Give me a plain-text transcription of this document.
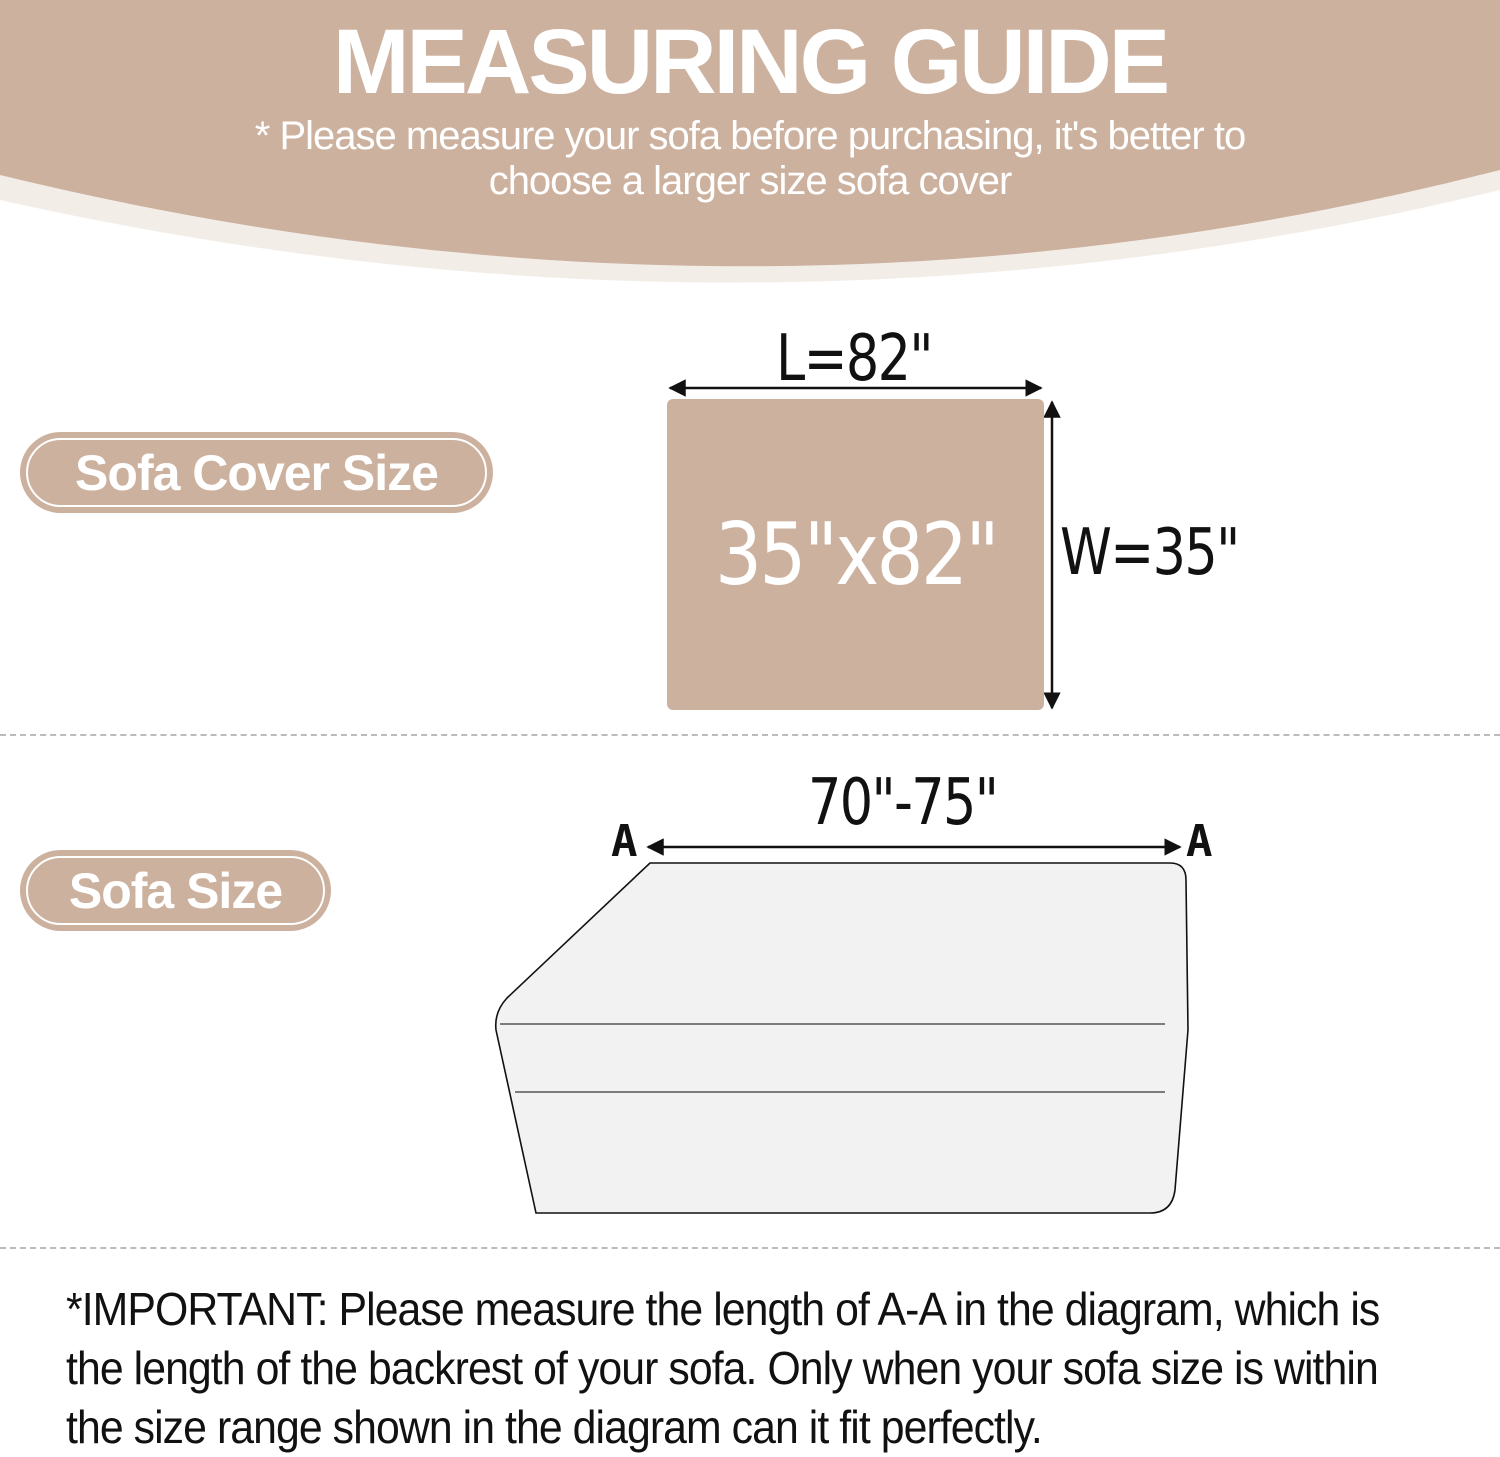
MEASURING GUIDE

* Please measure your sofa before purchasing, it's better to choose a larger size sofa cover

Sofa Cover Size
Sofa Size
35"x82"
L=82"
W=35"
70"-75"
A	A

*IMPORTANT: Please measure the length of A-A in the diagram, which is the length of the backrest of your sofa. Only when your sofa size is within the size range shown in the diagram can it fit perfectly.
